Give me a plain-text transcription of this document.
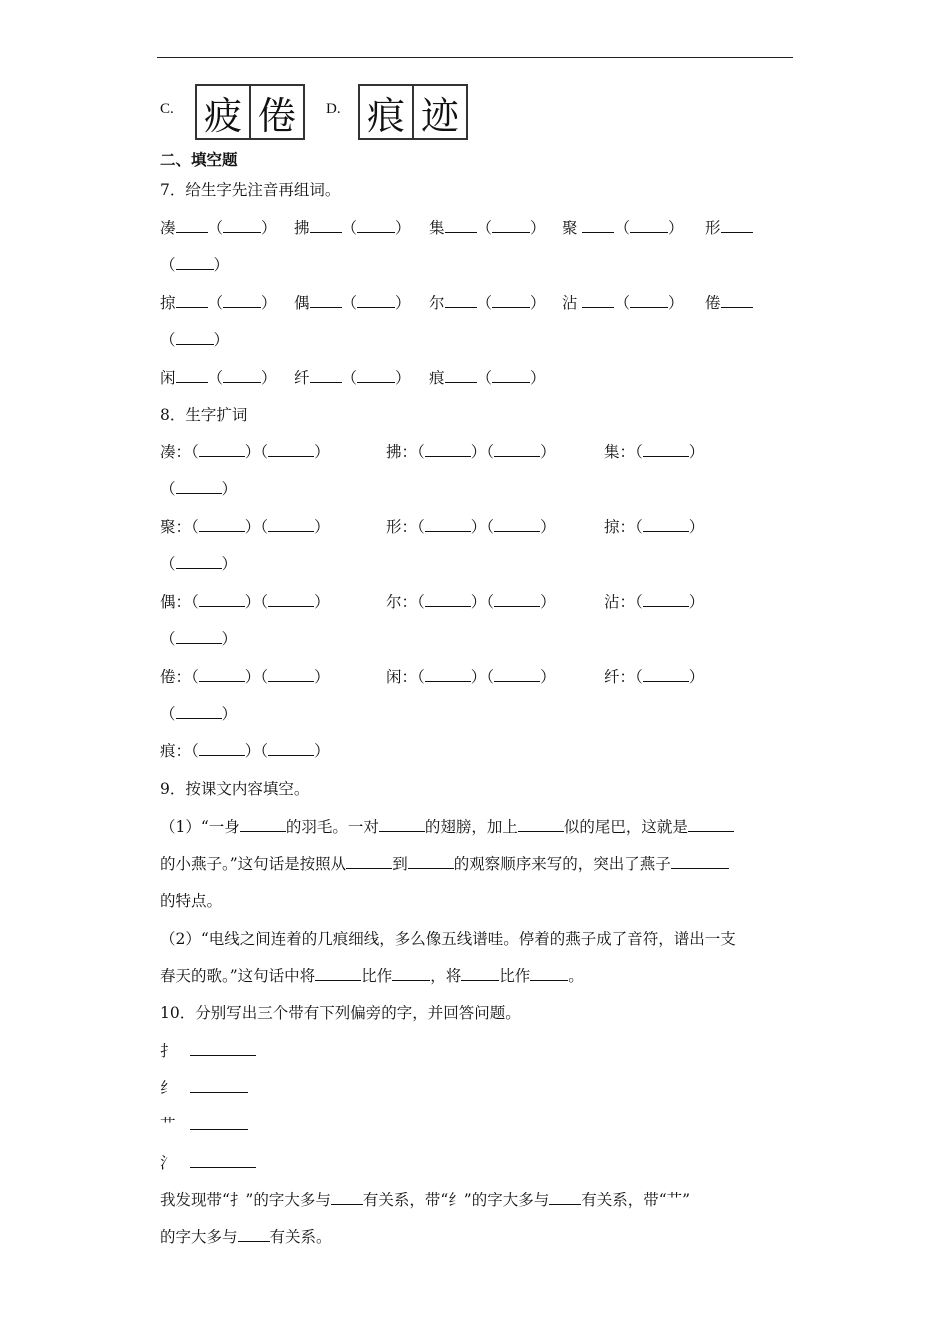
C. 疲 倦	D. 痕 迹
二、填空题
7．给生字先注音再组词。
凑 （ ） 拂 （ ） 集 （ ） 聚 （ ） 形
（ ）
掠 （ ） 偶 （ ） 尔 （ ） 沾 （ ） 倦
（ ）
闲 （ ） 纤 （ ） 痕 （ ）
8．生字扩词
凑：（	）（	）	拂：（	）（	）	集：（	）
（	）
聚：（	）（	）	形：（	）（	）	掠：（	）
（	）
偶：（	）（	）	尔：（	）（	）	沾：（	）
（	）
倦：（	）（	）	闲：（	）（	）	纤：（	）
（	）
痕：（	）（	）
9．按课文内容填空。
（1）“一身	的羽毛。一对	的翅膀，加上	似的尾巴，这就是
的小燕子。”这句话是按照从	到	的观察顺序来写的，突出了燕子
的特点。
（2）“电线之间连着的几痕细线，多么像五线谱哇。停着的燕子成了音符，谱出一支
春天的歌。”这句话中将	比作 ，将 比作 。
10．分别写出三个带有下列偏旁的字，并回答问题。
扌
纟
艹
氵
我发现带“扌”的字大多与 有关系，带“纟”的字大多与 有关系，带“艹”
的字大多与 有关系。
